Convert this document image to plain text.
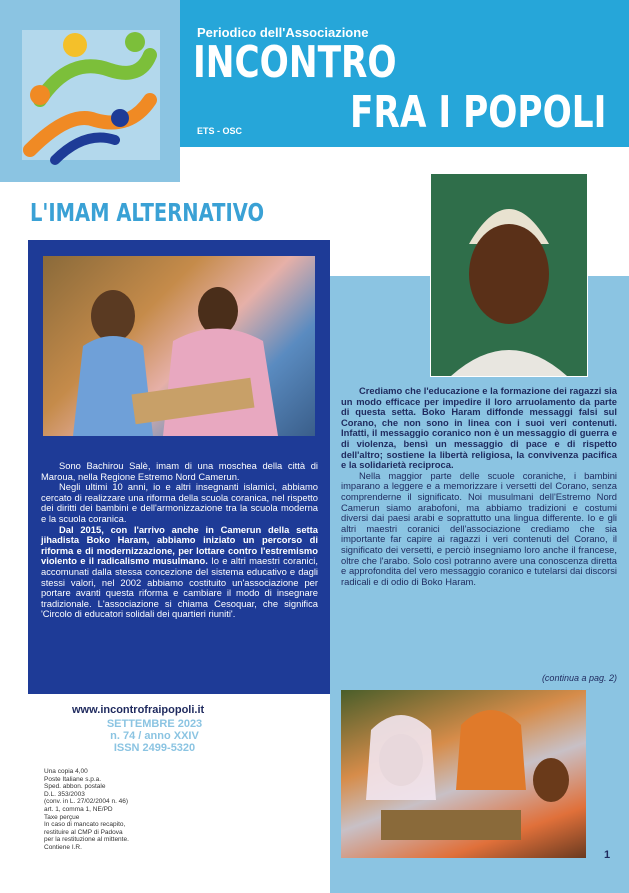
Periodico dell'Associazione
INCONTRO
FRA I POPOLI
ETS - OSC
L'IMAM ALTERNATIVO

Sono Bachirou Salè, imam di una moschea della città di Maroua, nella Regione Estremo Nord Camerun.

Negli ultimi 10 anni, io e altri insegnanti islamici, abbiamo cercato di realizzare una riforma della scuola coranica, nel rispetto dei diritti dei bambini e dell'armonizzazione tra la scuola moderna e la scuola coranica.

Dal 2015, con l'arrivo anche in Camerun della setta jihadista Boko Haram, abbiamo iniziato un percorso di riforma e di modernizzazione, per lottare contro l'estremismo violento e il radicalismo musulmano. Io e altri maestri coranici, accomunati dalla stessa concezione del sistema educativo e dagli stessi valori, nel 2002 abbiamo costituito un'associazione per portare avanti questa riforma e cambiare il modo di insegnare tradizionale. L'associazione si chiama Cesoquar, che significa 'Circolo di educatori solidali dei quartieri riuniti'.

Crediamo che l'educazione e la formazione dei ragazzi sia un modo efficace per impedire il loro arruolamento da parte di questa setta. Boko Haram diffonde messaggi falsi sul Corano, che non sono in linea con i suoi veri contenuti. Infatti, il messaggio coranico non è un messaggio di guerra e di violenza, bensì un messaggio di pace e di rispetto dell'altro; sostiene la libertà religiosa, la convivenza pacifica e la solidarietà reciproca.

Nella maggior parte delle scuole coraniche, i bambini imparano a leggere e a memorizzare i versetti del Corano, senza comprenderne il significato. Noi musulmani dell'Estremo Nord Camerun siamo arabofoni, ma abbiamo tradizioni e costumi diversi dai paesi arabi e soprattutto una lingua differente. Io e gli altri maestri coranici dell'associazione crediamo che sia importante far capire ai ragazzi i veri contenuti del Corano, il significato dei versetti, e perciò insegniamo loro anche il francese, oltre che l'arabo. Solo così potranno avere una conoscenza diretta e approfondita del vero messaggio coranico e tutelarsi dai discorsi radicali e di odio di Boko Haram.

(continua a pag. 2)
www.incontrofraipopoli.it
SETTEMBRE 2023
n. 74 / anno XXIV
ISSN 2499-5320
Una copia 4,00
Poste Italiane s.p.a.
Sped. abbon. postale
D.L. 353/2003
(conv. in L. 27/02/2004 n. 46)
art. 1, comma 1, NE/PD
Taxe perçue
In caso di mancato recapito,
restituire al CMP di Padova
per la restituzione al mittente.
Contiene I.R.
1
